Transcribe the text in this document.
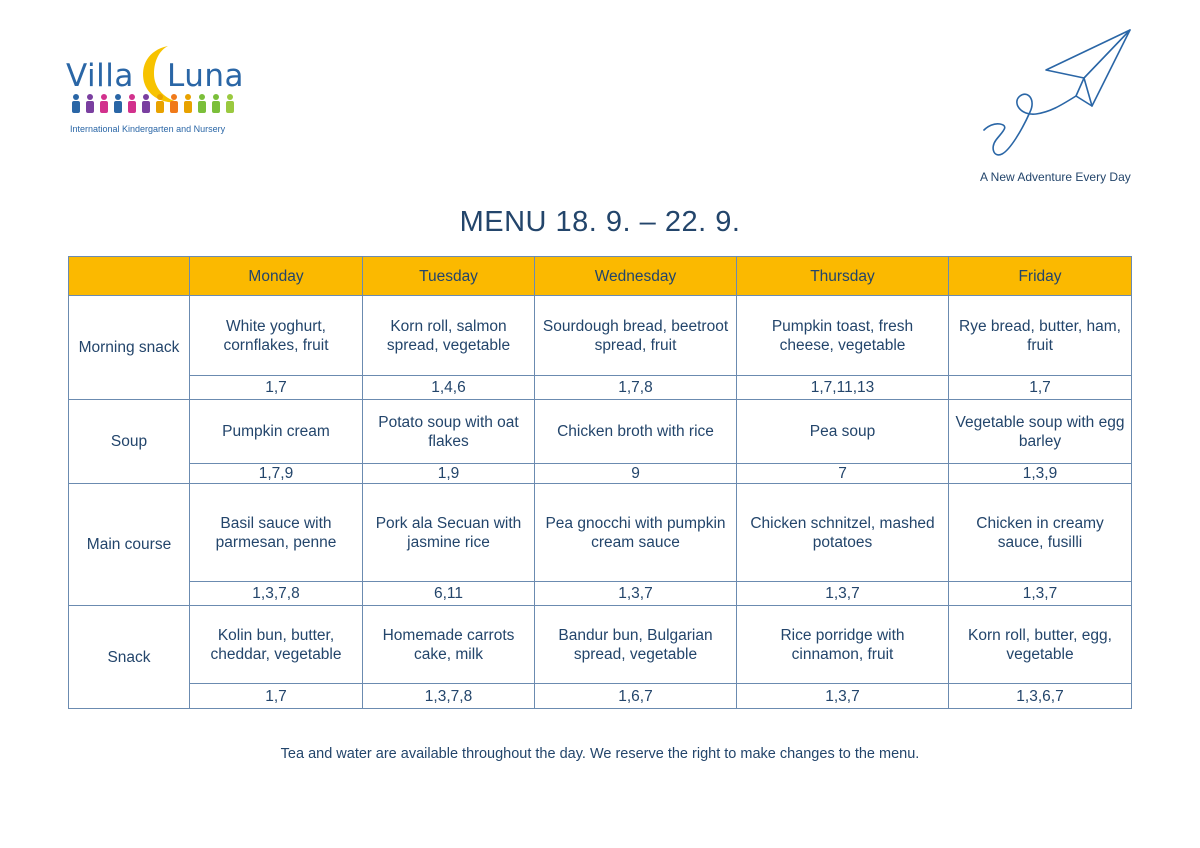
Villa Luna
International Kindergarten and Nursery
A New Adventure Every Day
MENU 18. 9. – 22. 9.
	Monday	Tuesday	Wednesday	Thursday	Friday
Morning snack	White yoghurt, cornflakes, fruit	Korn roll, salmon spread, vegetable	Sourdough bread, beetroot spread, fruit	Pumpkin toast, fresh cheese, vegetable	Rye bread, butter, ham, fruit
	1,7	1,4,6	1,7,8	1,7,11,13	1,7
Soup	Pumpkin cream	Potato soup with oat flakes	Chicken broth with rice	Pea soup	Vegetable soup with egg barley
	1,7,9	1,9	9	7	1,3,9
Main course	Basil sauce with parmesan, penne	Pork ala Secuan with jasmine rice	Pea gnocchi with pumpkin cream sauce	Chicken schnitzel, mashed potatoes	Chicken in creamy sauce, fusilli
	1,3,7,8	6,11	1,3,7	1,3,7	1,3,7
Snack	Kolin bun, butter, cheddar, vegetable	Homemade carrots cake, milk	Bandur bun, Bulgarian spread, vegetable	Rice porridge with cinnamon, fruit	Korn roll, butter, egg, vegetable
	1,7	1,3,7,8	1,6,7	1,3,7	1,3,6,7
Tea and water are available throughout the day. We reserve the right to make changes to the menu.
